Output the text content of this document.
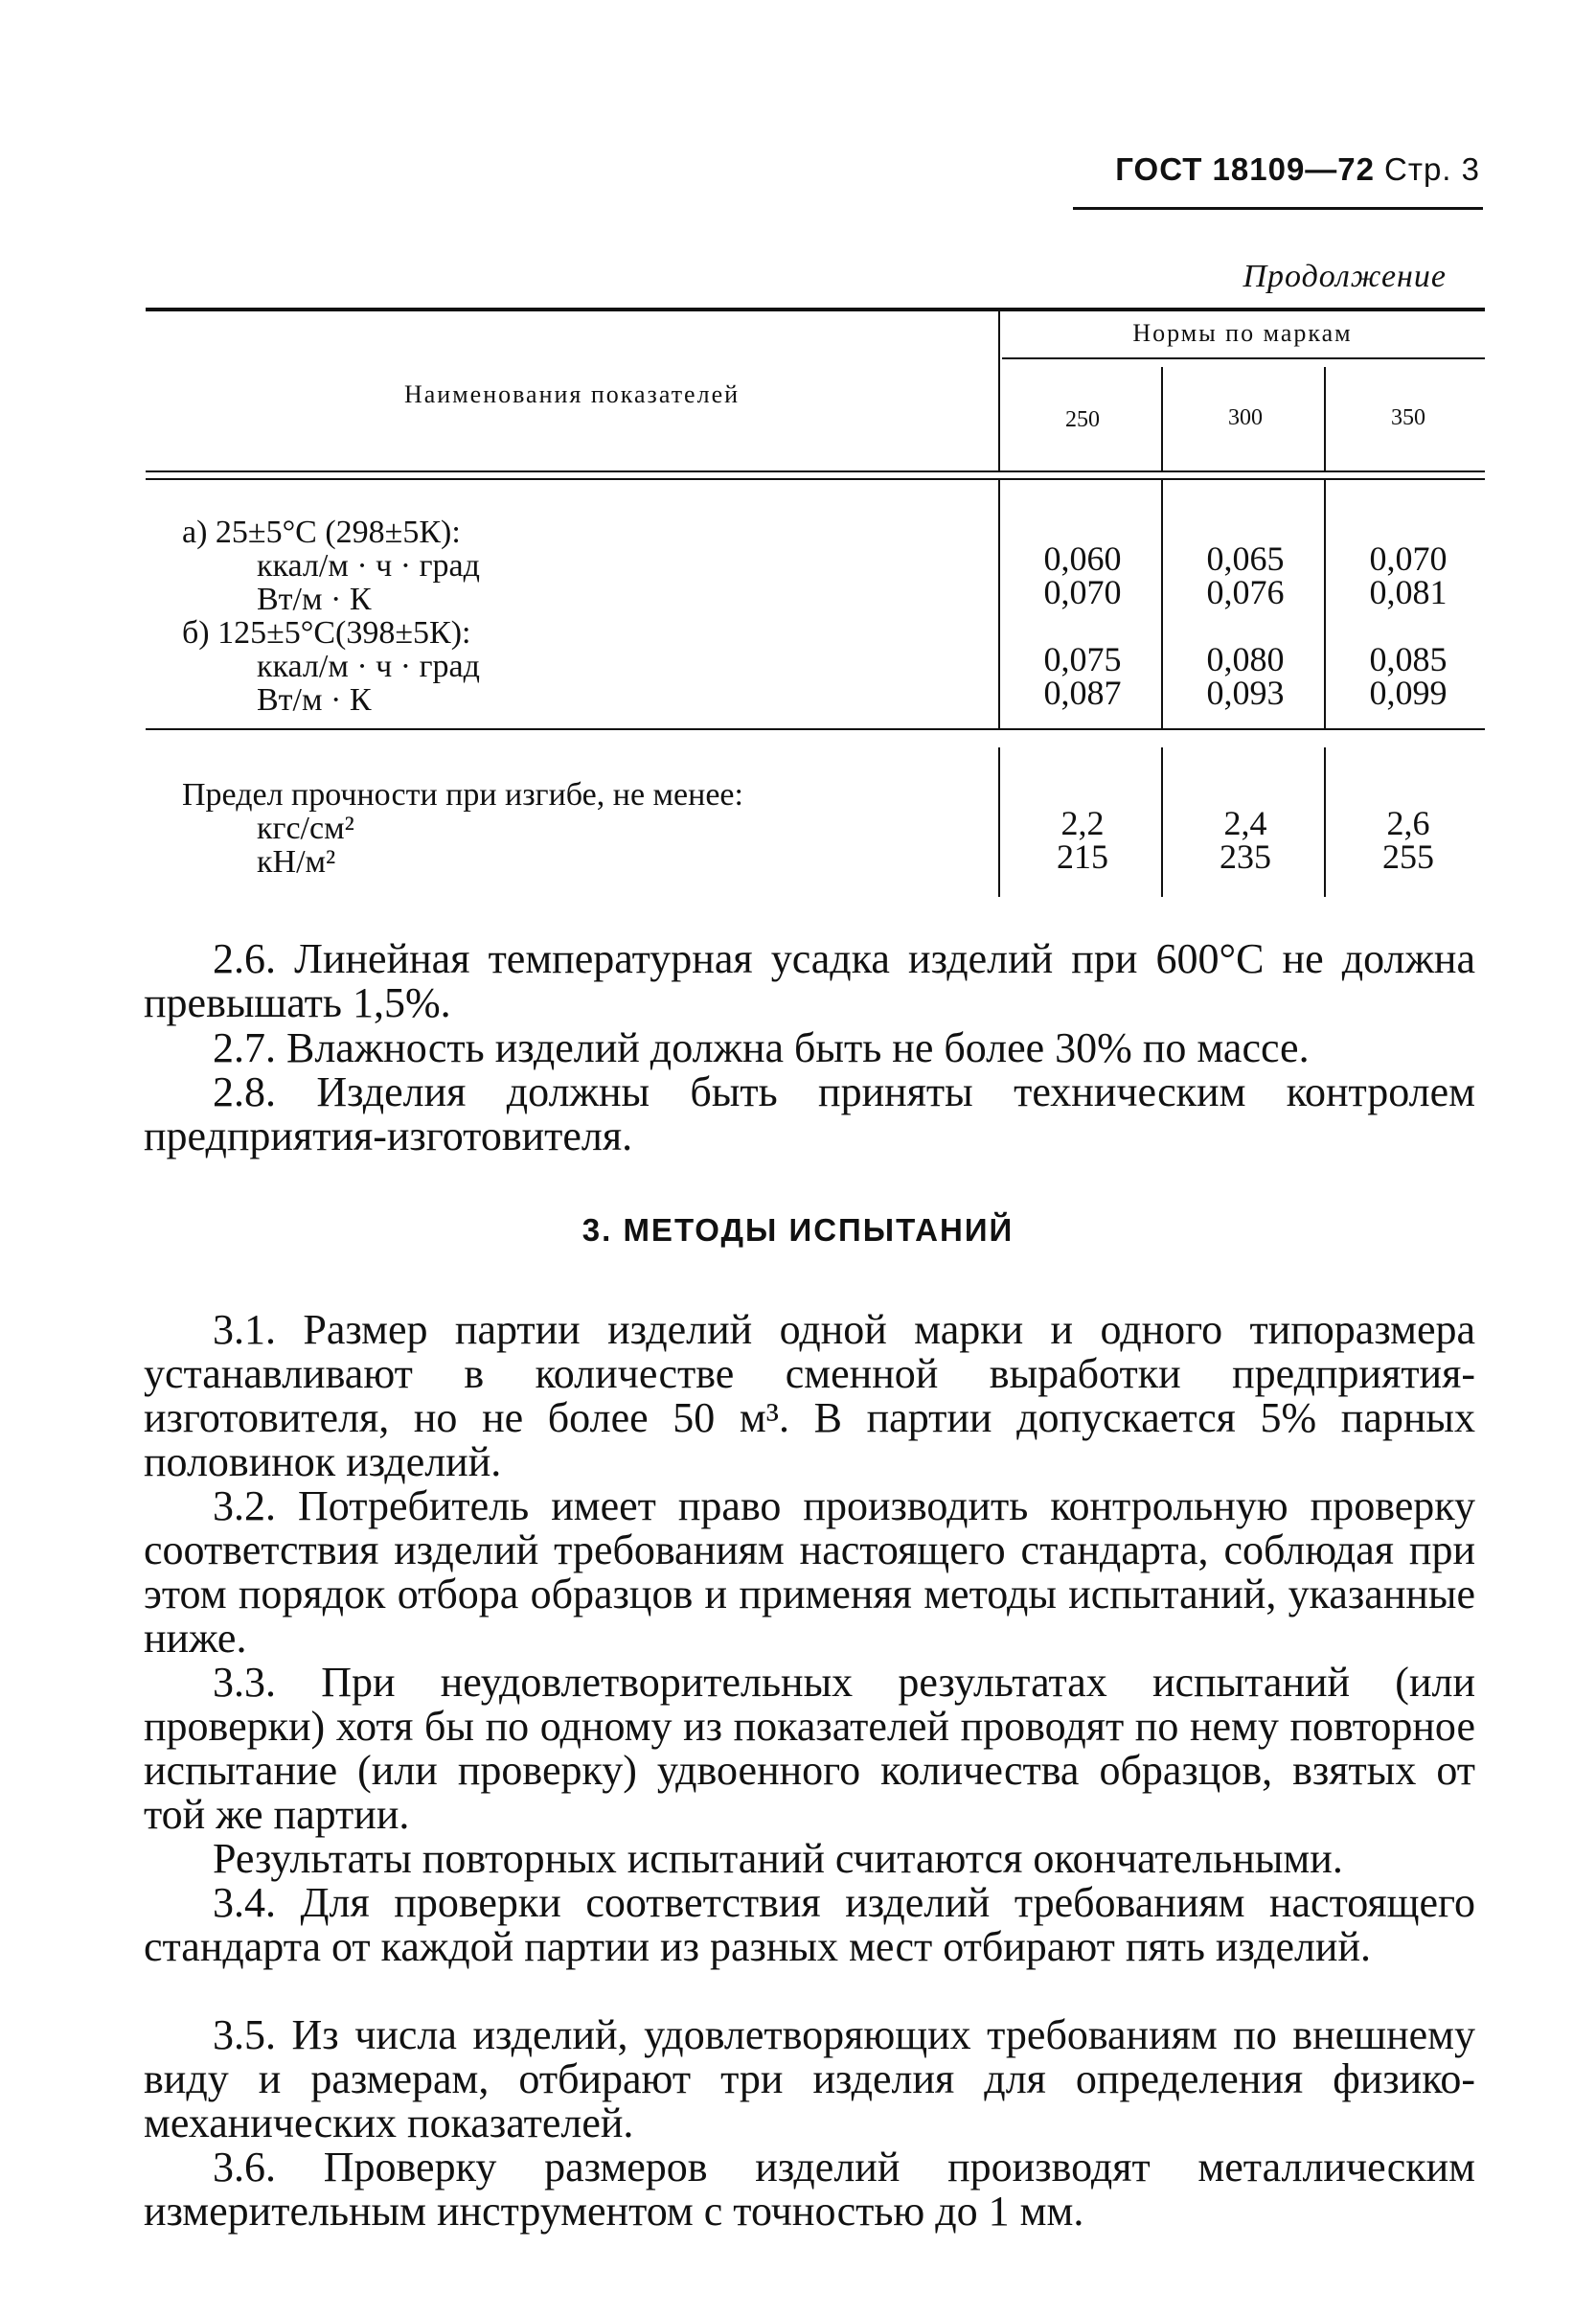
ГОСТ 18109—72 Стр. 3
Продолжение
Наименования показателей
Нормы по маркам
250	300	350
а) 25±5°С (298±5К):
ккал/м · ч · град
Вт/м · К
б) 125±5°С(398±5К):
ккал/м · ч · град
Вт/м · К
0,060
0,070
0,075
0,087
0,065
0,076
0,080
0,093
0,070
0,081
0,085
0,099
Предел прочности при изгибе, не менее:
кгс/см²
кН/м²
2,2
215
2,4
235
2,6
255

2.6. Линейная температурная усадка изделий при 600°С не должна превышать 1,5%.

2.7. Влажность изделий должна быть не более 30% по массе.

2.8. Изделия должны быть приняты техническим контролем предприятия-изготовителя.

3. МЕТОДЫ ИСПЫТАНИЙ

3.1. Размер партии изделий одной марки и одного типоразмера устанавливают в количестве сменной выработки предприятия-изготовителя, но не более 50 м³. В партии допускается 5% парных половинок изделий.

3.2. Потребитель имеет право производить контрольную проверку соответствия изделий требованиям настоящего стандарта, соблюдая при этом порядок отбора образцов и применяя методы испытаний, указанные ниже.

3.3. При неудовлетворительных результатах испытаний (или проверки) хотя бы по одному из показателей проводят по нему повторное испытание (или проверку) удвоенного количества образцов, взятых от той же партии.

Результаты повторных испытаний считаются окончательными.

3.4. Для проверки соответствия изделий требованиям настоящего стандарта от каждой партии из разных мест отбирают пять изделий.

3.5. Из числа изделий, удовлетворяющих требованиям по внешнему виду и размерам, отбирают три изделия для определения физико-механических показателей.

3.6. Проверку размеров изделий производят металлическим измерительным инструментом с точностью до 1 мм.
